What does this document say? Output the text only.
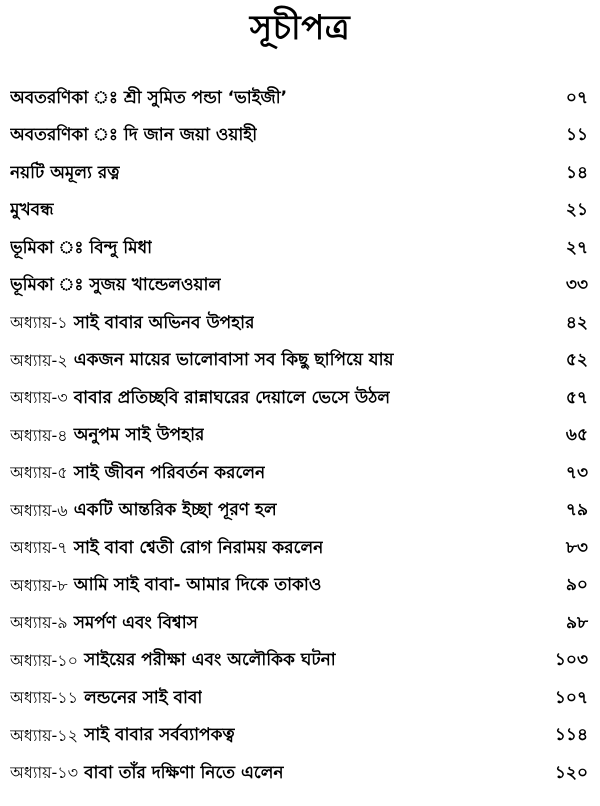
সূচীপত্র
অবতরণিকা ঃ শ্রী সুমিত পন্ডা ‘ভাইজী’	০৭
অবতরণিকা ঃ দি জান জয়া ওয়াহী	১১
নয়টি অমূল্য রত্ন	১৪
মুখবন্ধ	২১
ভূমিকা ঃ বিন্দু মিধা	২৭
ভূমিকা ঃ সুজয় খান্ডেলওয়াল	৩৩
অধ্যায়-১ সাই বাবার অভিনব উপহার	৪২
অধ্যায়-২ একজন মায়ের ভালোবাসা সব কিছু ছাপিয়ে যায়	৫২
অধ্যায়-৩ বাবার প্রতিচ্ছবি রান্নাঘরের দেয়ালে ভেসে উঠল	৫৭
অধ্যায়-৪ অনুপম সাই উপহার	৬৫
অধ্যায়-৫ সাই জীবন পরিবর্তন করলেন	৭৩
অধ্যায়-৬ একটি আন্তরিক ইচ্ছা পূরণ হল	৭৯
অধ্যায়-৭ সাই বাবা শ্বেতী রোগ নিরাময় করলেন	৮৩
অধ্যায়-৮ আমি সাই বাবা- আমার দিকে তাকাও	৯০
অধ্যায়-৯ সমর্পণ এবং বিশ্বাস	৯৮
অধ্যায়-১০ সাইয়ের পরীক্ষা এবং অলৌকিক ঘটনা	১০৩
অধ্যায়-১১ লন্ডনের সাই বাবা	১০৭
অধ্যায়-১২ সাই বাবার সর্বব্যাপকত্ব	১১৪
অধ্যায়-১৩ বাবা তাঁর দক্ষিণা নিতে এলেন	১২০
